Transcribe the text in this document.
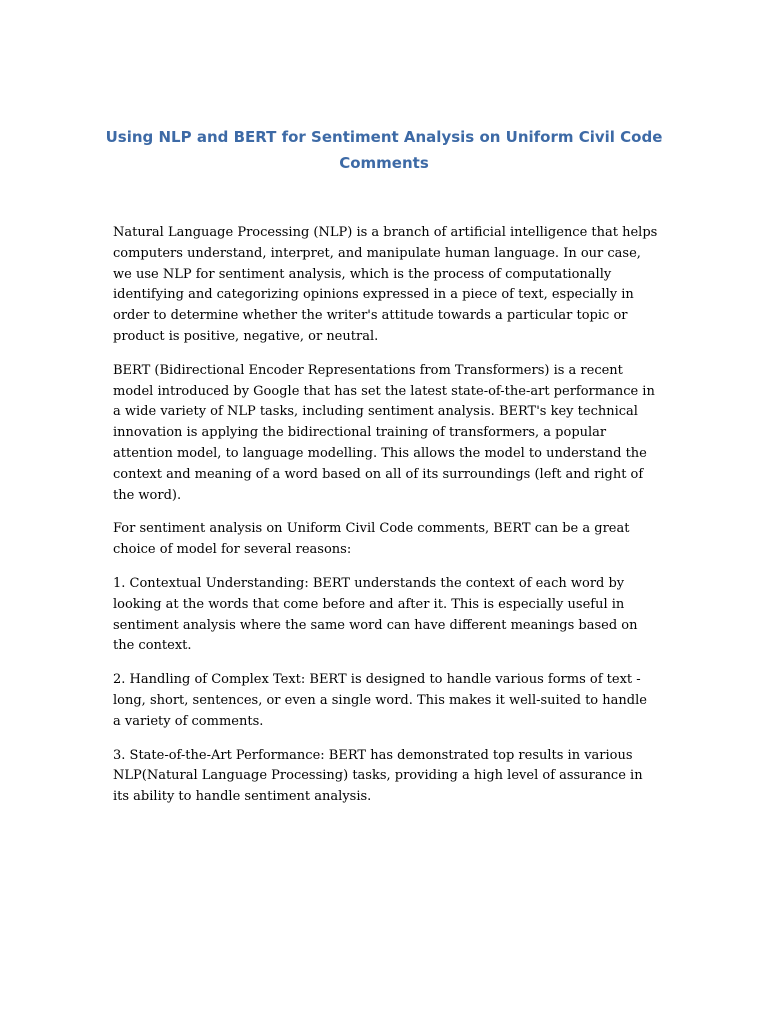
Using NLP and BERT for Sentiment Analysis on Uniform Civil Code Comments

Natural Language Processing (NLP) is a branch of artificial intelligence that helps computers understand, interpret, and manipulate human language. In our case, we use NLP for sentiment analysis, which is the process of computationally identifying and categorizing opinions expressed in a piece of text, especially in order to determine whether the writer's attitude towards a particular topic or product is positive, negative, or neutral.

BERT (Bidirectional Encoder Representations from Transformers) is a recent model introduced by Google that has set the latest state-of-the-art performance in a wide variety of NLP tasks, including sentiment analysis. BERT's key technical innovation is applying the bidirectional training of transformers, a popular attention model, to language modelling. This allows the model to understand the context and meaning of a word based on all of its surroundings (left and right of the word).

For sentiment analysis on Uniform Civil Code comments, BERT can be a great choice of model for several reasons:

1. Contextual Understanding: BERT understands the context of each word by looking at the words that come before and after it. This is especially useful in sentiment analysis where the same word can have different meanings based on the context.

2. Handling of Complex Text: BERT is designed to handle various forms of text - long, short, sentences, or even a single word. This makes it well-suited to handle a variety of comments.

3. State-of-the-Art Performance: BERT has demonstrated top results in various NLP(Natural Language Processing) tasks, providing a high level of assurance in its ability to handle sentiment analysis.
